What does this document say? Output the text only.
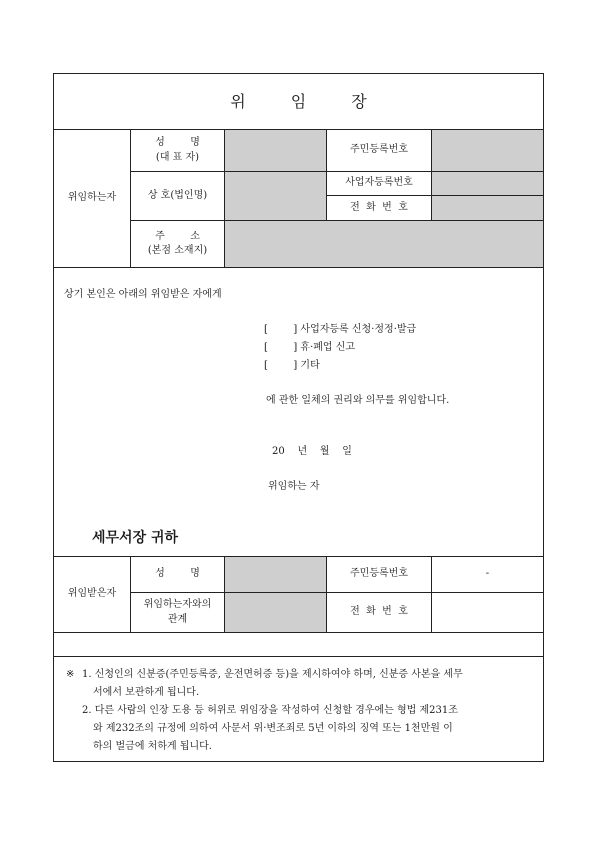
위 임 장
위임하는자
성        명
(대 표 자)
주민등록번호
상 호(법인명)
사업자등록번호
전  화  번  호
주        소
(본점 소재지)
상기 본인은 아래의 위임받은 자에게
[        ] 사업자등록 신청·정정·발급
[        ] 휴·폐업 신고
[        ] 기타
에 관한 일체의 권리와 의무를 위임합니다.
20    년    월    일
위임하는 자
세무서장 귀하
위임받은자
성        명	주민등록번호	-
위임하는자와의
관계
전  화  번  호
※ 1. 신청인의 신분증(주민등록증, 운전면허증 등)을 제시하여야 하며, 신분증 사본을 세무
서에서 보관하게 됩니다.
2. 다른 사람의 인장 도용 등 허위로 위임장을 작성하여 신청할 경우에는 형법 제231조
와 제232조의 규정에 의하여 사문서 위·변조죄로 5년 이하의 징역 또는 1천만원 이
하의 벌금에 처하게 됩니다.
